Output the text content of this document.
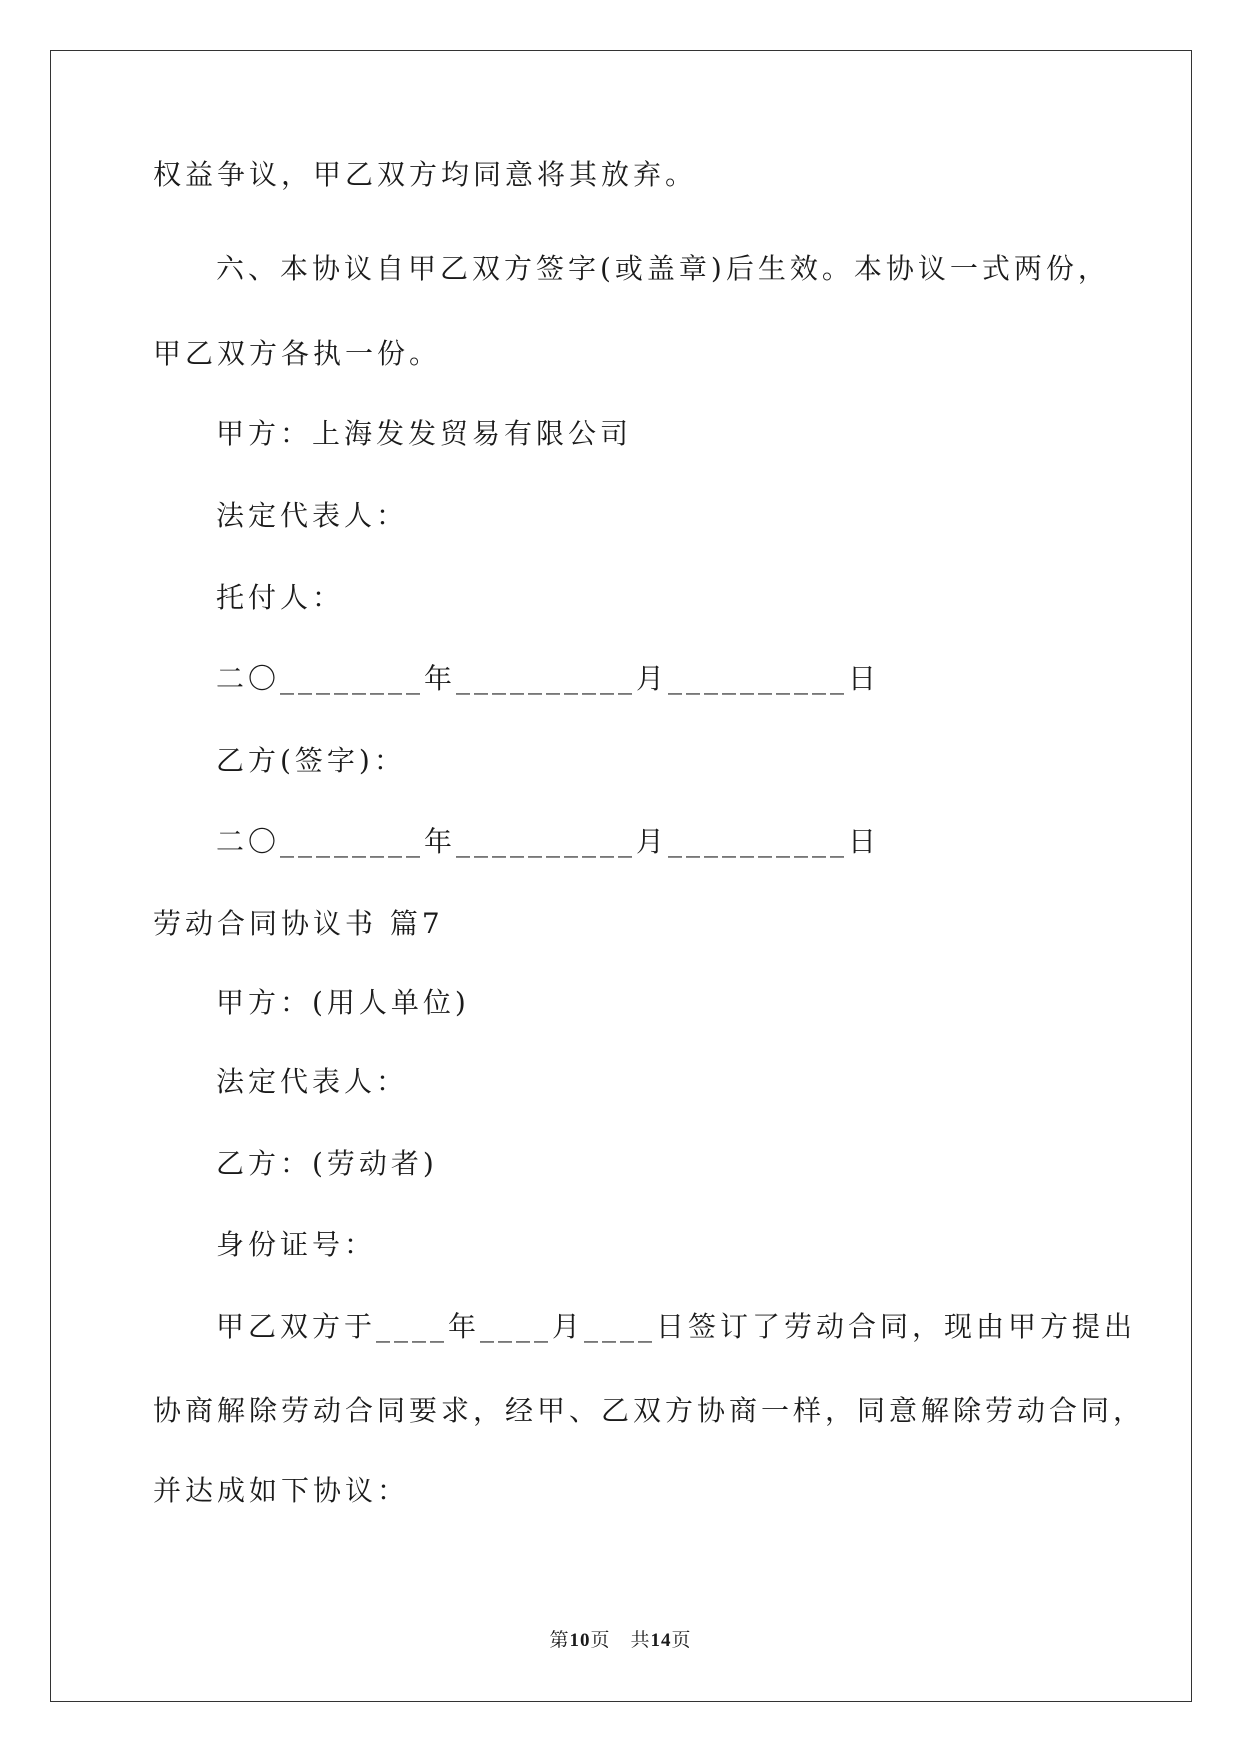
权益争议，甲乙双方均同意将其放弃。
六、本协议自甲乙双方签字(或盖章)后生效。本协议一式两份，
甲乙双方各执一份。
甲方：上海发发贸易有限公司
法定代表人：
托付人：
二〇________年__________月__________日
乙方(签字)：
二〇________年__________月__________日
劳动合同协议书 篇7
甲方：(用人单位)
法定代表人：
乙方：(劳动者)
身份证号：
甲乙双方于____年____月____日签订了劳动合同，现由甲方提出
协商解除劳动合同要求，经甲、乙双方协商一样，同意解除劳动合同，
并达成如下协议：
第10页　共14页
